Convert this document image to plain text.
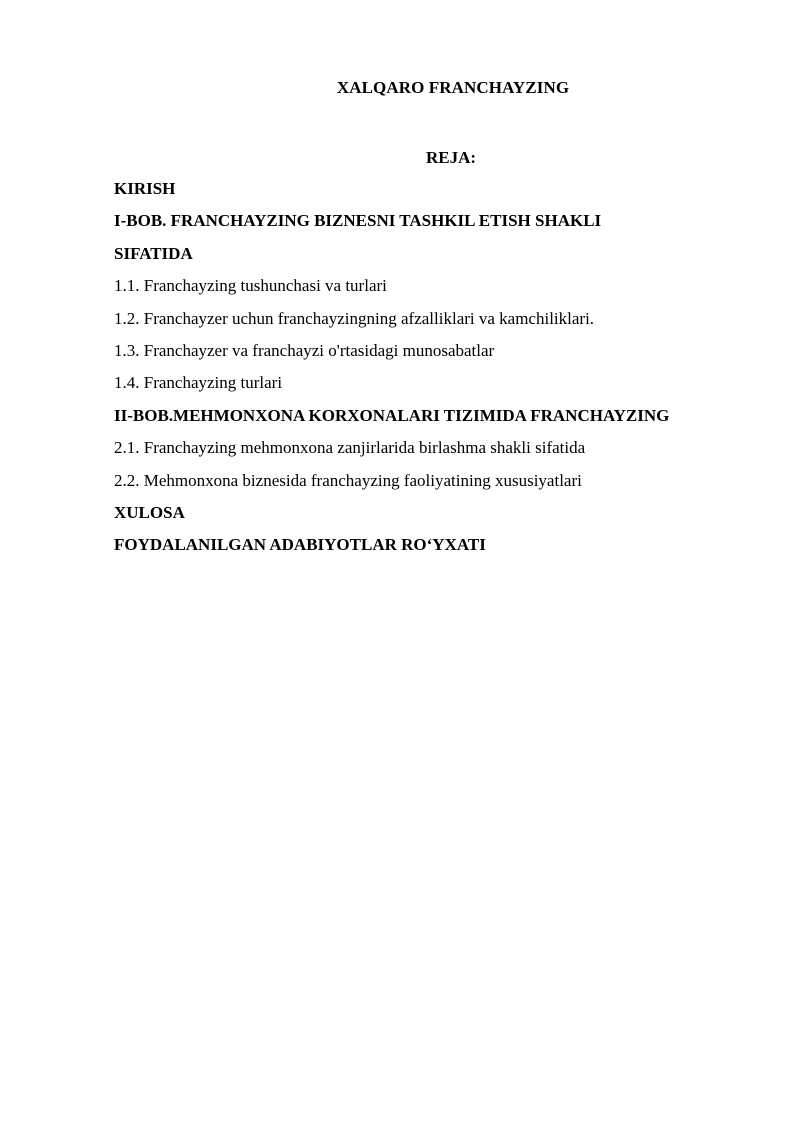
XALQARO FRANCHAYZING
REJA:
KIRISH
I-BOB. FRANCHAYZING BIZNESNI TASHKIL ETISH SHAKLI
SIFATIDA
1.1. Franchayzing tushunchasi va turlari
1.2. Franchayzer uchun franchayzingning afzalliklari va kamchiliklari.
1.3. Franchayzer va franchayzi o'rtasidagi munosabatlar
1.4. Franchayzing turlari
II-BOB.MEHMONXONA KORXONALARI TIZIMIDA FRANCHAYZING
2.1. Franchayzing mehmonxona zanjirlarida birlashma shakli sifatida
2.2. Mehmonxona biznesida franchayzing faoliyatining xususiyatlari
XULOSA
FOYDALANILGAN ADABIYOTLAR RO‘YXATI
